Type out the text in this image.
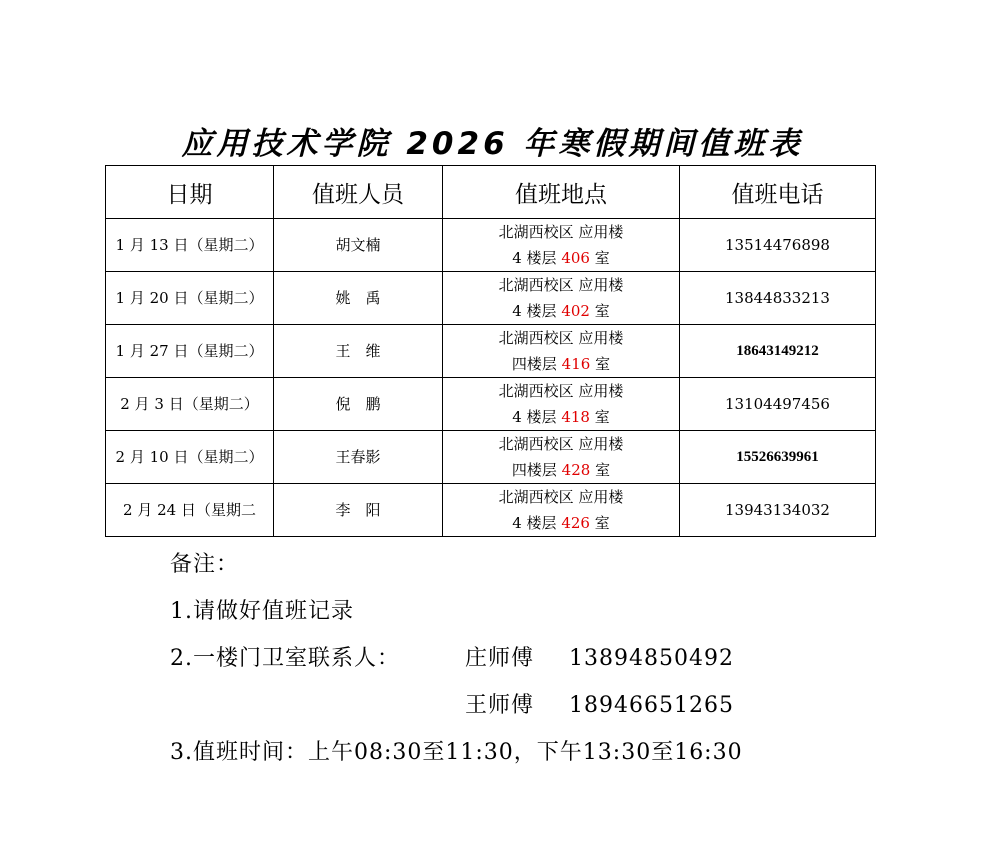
应用技术学院 2026 年寒假期间值班表
日期	值班人员	值班地点	值班电话
1 月 13 日（星期二）	胡文楠	北湖西校区 应用楼
4 楼层 406 室	13514476898
1 月 20 日（星期二）	姚　禹	北湖西校区 应用楼
4 楼层 402 室	13844833213
1 月 27 日（星期二）	王　维	北湖西校区 应用楼
四楼层 416 室	18643149212
2 月 3 日（星期二）	倪　鹏	北湖西校区 应用楼
4 楼层 418 室	13104497456
2 月 10 日（星期二）	王春影	北湖西校区 应用楼
四楼层 428 室	15526639961
2 月 24 日（星期二	李　阳	北湖西校区 应用楼
4 楼层 426 室	13943134032
备注：
1.请做好值班记录
2.一楼门卫室联系人：	庄师傅 13894850492
王师傅 18946651265
3.值班时间：上午08:30至11:30，下午13:30至16:30
